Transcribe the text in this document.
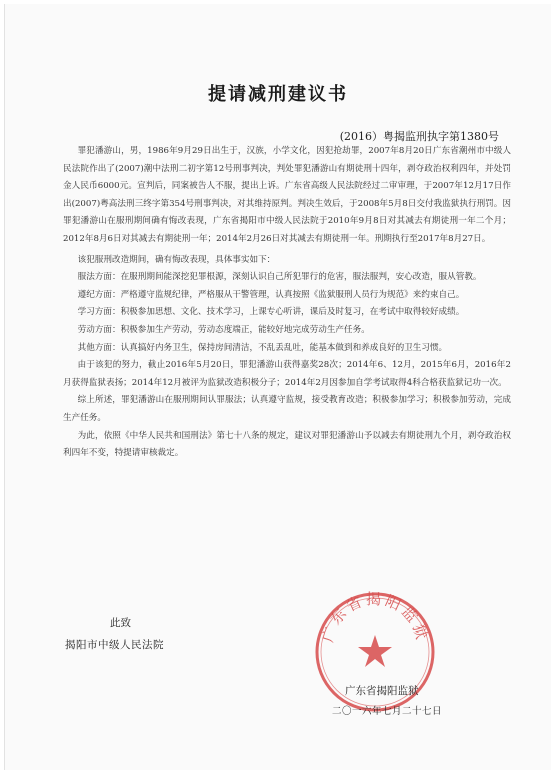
提请减刑建议书
(2016）粤揭监刑执字第1380号

罪犯潘游山，男，1986年9月29日出生于，汉族，小学文化，因犯抢劫罪，2007年8月20日广东省潮州市中级人民法院作出了(2007)潮中法刑二初字第12号刑事判决，判处罪犯潘游山有期徒刑十四年，剥夺政治权利四年，并处罚金人民币6000元。宣判后，同案被告人不服，提出上诉。广东省高级人民法院经过二审审理，于2007年12月17日作出(2007)粤高法刑三终字第354号刑事判决，对其维持原判。判决生效后，于2008年5月8日交付我监狱执行刑罚。因罪犯潘游山在服刑期间确有悔改表现，广东省揭阳市中级人民法院于2010年9月8日对其减去有期徒刑一年二个月；2012年8月6日对其减去有期徒刑一年；2014年2月26日对其减去有期徒刑一年。刑期执行至2017年8月27日。

该犯服刑改造期间，确有悔改表现，具体事实如下：

服法方面：在服刑期间能深挖犯罪根源，深刻认识自己所犯罪行的危害，服法服判，安心改造，服从管教。

遵纪方面：严格遵守监规纪律，严格服从干警管理，认真按照《监狱服刑人员行为规范》来约束自己。

学习方面：积极参加思想、文化、技术学习，上课专心听讲，课后及时复习，在考试中取得较好成绩。

劳动方面：积极参加生产劳动，劳动态度端正，能较好地完成劳动生产任务。

其他方面：认真搞好内务卫生，保持房间清洁，不乱丢乱吐，能基本做到和养成良好的卫生习惯。

由于该犯的努力，截止2016年5月20日，罪犯潘游山获得嘉奖28次；2014年6、12月，2015年6月，2016年2月获得监狱表扬；2014年12月被评为监狱改造积极分子；2014年2月因参加自学考试取得4科合格获监狱记功一次。

综上所述，罪犯潘游山在服刑期间认罪服法；认真遵守监规，接受教育改造；积极参加学习；积极参加劳动，完成生产任务。

为此，依照《中华人民共和国刑法》第七十八条的规定，建议对罪犯潘游山予以减去有期徒刑九个月，剥夺政治权利四年不变，特提请审核裁定。

此致
揭阳市中级人民法院
广东省揭阳监狱
广东省揭阳监狱
二〇一六年七月二十七日
